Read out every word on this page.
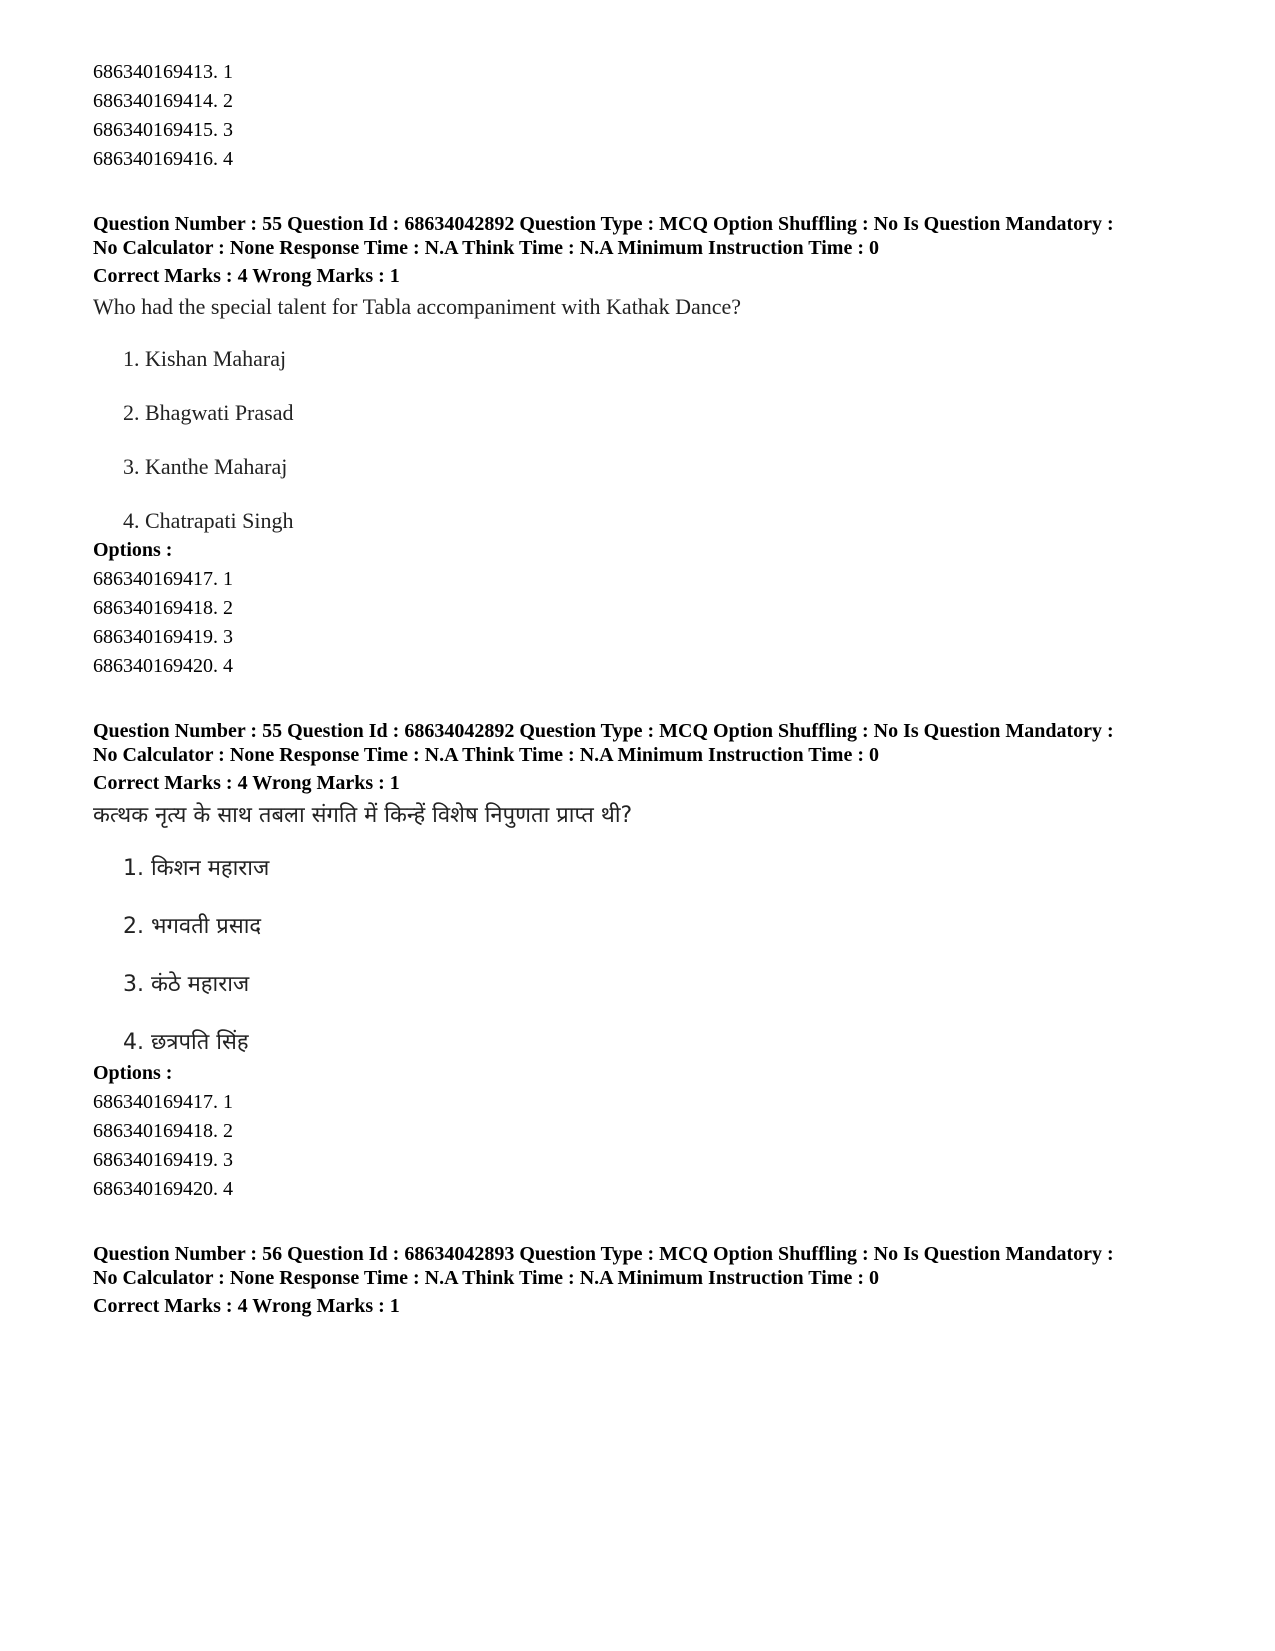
686340169413. 1

686340169414. 2

686340169415. 3

686340169416. 4

Question Number : 55 Question Id : 68634042892 Question Type : MCQ Option Shuffling : No Is Question Mandatory :

No Calculator : None Response Time : N.A Think Time : N.A Minimum Instruction Time : 0

Correct Marks : 4 Wrong Marks : 1

Who had the special talent for Tabla accompaniment with Kathak Dance?

1. Kishan Maharaj

2. Bhagwati Prasad

3. Kanthe Maharaj

4. Chatrapati Singh

Options :

686340169417. 1

686340169418. 2

686340169419. 3

686340169420. 4

Question Number : 55 Question Id : 68634042892 Question Type : MCQ Option Shuffling : No Is Question Mandatory :

No Calculator : None Response Time : N.A Think Time : N.A Minimum Instruction Time : 0

Correct Marks : 4 Wrong Marks : 1

कत्थक नृत्य के साथ तबला संगति में किन्हें विशेष निपुणता प्राप्त थी?

1. किशन महाराज

2. भगवती प्रसाद

3. कंठे महाराज

4. छत्रपति सिंह

Options :

686340169417. 1

686340169418. 2

686340169419. 3

686340169420. 4

Question Number : 56 Question Id : 68634042893 Question Type : MCQ Option Shuffling : No Is Question Mandatory :

No Calculator : None Response Time : N.A Think Time : N.A Minimum Instruction Time : 0

Correct Marks : 4 Wrong Marks : 1
